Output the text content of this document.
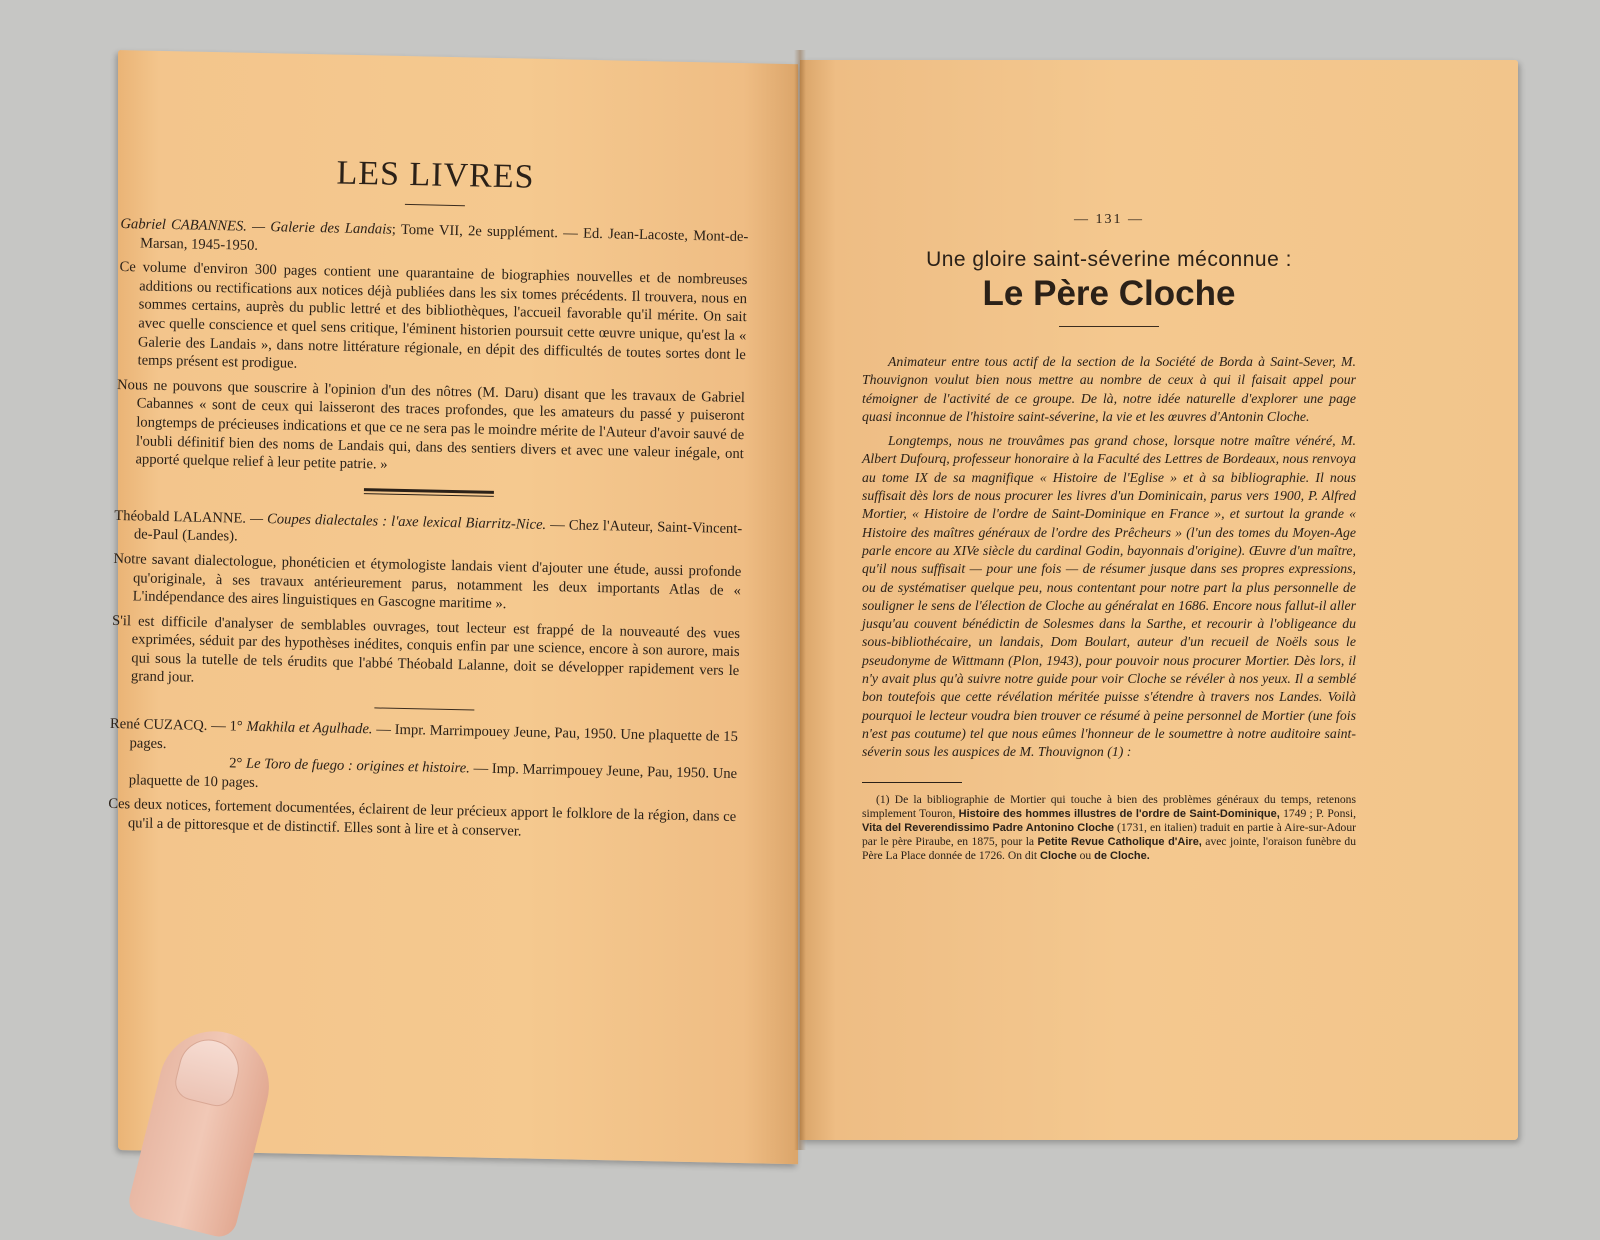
LES LIVRES

Gabriel CABANNES. — Galerie des Landais; Tome VII, 2e supplément. — Ed. Jean-Lacoste, Mont-de-Marsan, 1945-1950.

Ce volume d'environ 300 pages contient une quarantaine de biographies nouvelles et de nombreuses additions ou rectifications aux notices déjà publiées dans les six tomes précédents. Il trouvera, nous en sommes certains, auprès du public lettré et des bibliothèques, l'accueil favorable qu'il mérite. On sait avec quelle conscience et quel sens critique, l'éminent historien poursuit cette œuvre unique, qu'est la « Galerie des Landais », dans notre littérature régionale, en dépit des difficultés de toutes sortes dont le temps présent est prodigue.

Nous ne pouvons que souscrire à l'opinion d'un des nôtres (M. Daru) disant que les travaux de Gabriel Cabannes « sont de ceux qui laisseront des traces profondes, que les amateurs du passé y puiseront longtemps de précieuses indications et que ce ne sera pas le moindre mérite de l'Auteur d'avoir sauvé de l'oubli définitif bien des noms de Landais qui, dans des sentiers divers et avec une valeur inégale, ont apporté quelque relief à leur petite patrie. »

Théobald LALANNE. — Coupes dialectales : l'axe lexical Biarritz-Nice. — Chez l'Auteur, Saint-Vincent-de-Paul (Landes).

Notre savant dialectologue, phonéticien et étymologiste landais vient d'ajouter une étude, aussi profonde qu'originale, à ses travaux antérieurement parus, notamment les deux importants Atlas de « L'indépendance des aires linguistiques en Gascogne maritime ».

S'il est difficile d'analyser de semblables ouvrages, tout lecteur est frappé de la nouveauté des vues exprimées, séduit par des hypothèses inédites, conquis enfin par une science, encore à son aurore, mais qui sous la tutelle de tels érudits que l'abbé Théobald Lalanne, doit se développer rapidement vers le grand jour.

René CUZACQ. — 1° Makhila et Agulhade. — Impr. Marrimpouey Jeune, Pau, 1950. Une plaquette de 15 pages.

2° Le Toro de fuego : origines et histoire. — Imp. Marrimpouey Jeune, Pau, 1950. Une plaquette de 10 pages.

Ces deux notices, fortement documentées, éclairent de leur précieux apport le folklore de la région, dans ce qu'il a de pittoresque et de distinctif. Elles sont à lire et à conserver.

— 131 —
Une gloire saint-séverine méconnue :
Le Père Cloche

Animateur entre tous actif de la section de la Société de Borda à Saint-Sever, M. Thouvignon voulut bien nous mettre au nombre de ceux à qui il faisait appel pour témoigner de l'activité de ce groupe. De là, notre idée naturelle d'explorer une page quasi inconnue de l'histoire saint-séverine, la vie et les œuvres d'Antonin Cloche.

Longtemps, nous ne trouvâmes pas grand chose, lorsque notre maître vénéré, M. Albert Dufourq, professeur honoraire à la Faculté des Lettres de Bordeaux, nous renvoya au tome IX de sa magnifique « Histoire de l'Eglise » et à sa bibliographie. Il nous suffisait dès lors de nous procurer les livres d'un Dominicain, parus vers 1900, P. Alfred Mortier, « Histoire de l'ordre de Saint-Dominique en France », et surtout la grande « Histoire des maîtres généraux de l'ordre des Prêcheurs » (l'un des tomes du Moyen-Age parle encore au XIVe siècle du cardinal Godin, bayonnais d'origine). Œuvre d'un maître, qu'il nous suffisait — pour une fois — de résumer jusque dans ses propres expressions, ou de systématiser quelque peu, nous contentant pour notre part la plus personnelle de souligner le sens de l'élection de Cloche au généralat en 1686. Encore nous fallut-il aller jusqu'au couvent bénédictin de Solesmes dans la Sarthe, et recourir à l'obligeance du sous-bibliothécaire, un landais, Dom Boulart, auteur d'un recueil de Noëls sous le pseudonyme de Wittmann (Plon, 1943), pour pouvoir nous procurer Mortier. Dès lors, il n'y avait plus qu'à suivre notre guide pour voir Cloche se révéler à nos yeux. Il a semblé bon toutefois que cette révélation méritée puisse s'étendre à travers nos Landes. Voilà pourquoi le lecteur voudra bien trouver ce résumé à peine personnel de Mortier (une fois n'est pas coutume) tel que nous eûmes l'honneur de le soumettre à notre auditoire saint-séverin sous les auspices de M. Thouvignon (1) :

(1) De la bibliographie de Mortier qui touche à bien des problèmes généraux du temps, retenons simplement Touron, Histoire des hommes illustres de l'ordre de Saint-Dominique, 1749 ; P. Ponsi, Vita del Reverendissimo Padre Antonino Cloche (1731, en italien) traduit en partie à Aire-sur-Adour par le père Piraube, en 1875, pour la Petite Revue Catholique d'Aire, avec jointe, l'oraison funèbre du Père La Place donnée de 1726. On dit Cloche ou de Cloche.
